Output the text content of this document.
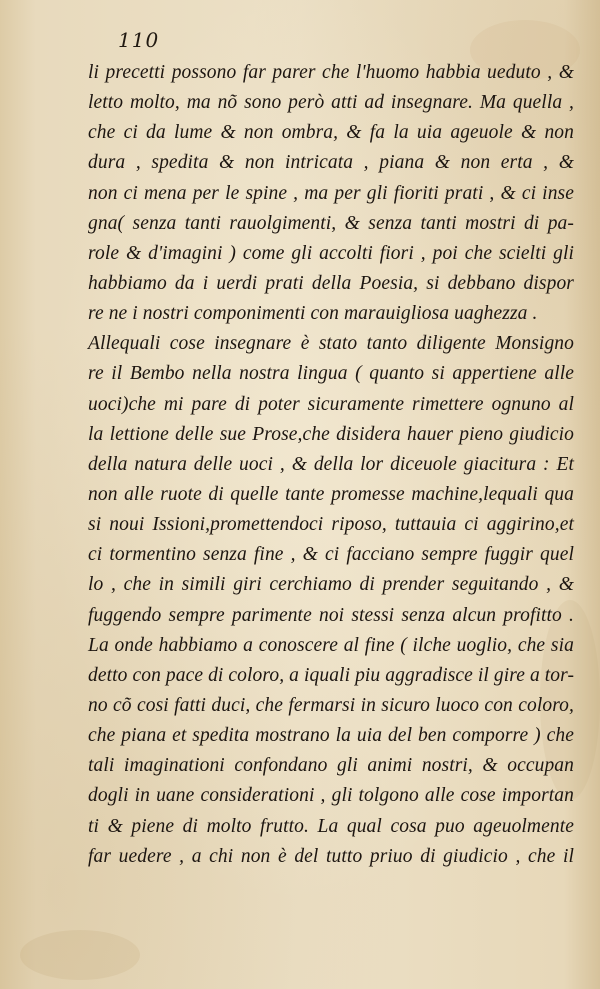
110
li precetti possono far parer che l'huomo habbia ueduto , &
letto molto, ma nõ sono però atti ad insegnare. Ma quella ,
che ci da lume & non ombra, & fa la uia ageuole & non
dura , spedita & non intricata , piana & non erta , &
non ci mena per le spine , ma per gli fioriti prati , & ci inse
gna( senza tanti rauolgimenti, & senza tanti mostri di pa-
role & d'imagini ) come gli accolti fiori , poi che scielti gli
habbiamo da i uerdi prati della Poesia, si debbano dispor
re ne i nostri componimenti con marauigliosa uaghezza .
Allequali cose insegnare è stato tanto diligente Monsigno
re il Bembo nella nostra lingua ( quanto si appertiene alle
uoci)che mi pare di poter sicuramente rimettere ognuno al
la lettione delle sue Prose,che disidera hauer pieno giudicio
della natura delle uoci , & della lor diceuole giacitura : Et
non alle ruote di quelle tante promesse machine,lequali qua
si noui Issioni,promettendoci riposo, tuttauia ci aggirino,et
ci tormentino senza fine , & ci facciano sempre fuggir quel
lo , che in simili giri cerchiamo di prender seguitando , &
fuggendo sempre parimente noi stessi senza alcun profitto .
La onde habbiamo a conoscere al fine ( ilche uoglio, che sia
detto con pace di coloro, a iquali piu aggradisce il gire a tor-
no cõ cosi fatti duci, che fermarsi in sicuro luoco con coloro,
che piana et spedita mostrano la uia del ben comporre ) che
tali imaginationi confondano gli animi nostri, & occupan
dogli in uane considerationi , gli tolgono alle cose importan
ti & piene di molto frutto. La qual cosa puo ageuolmente
far uedere , a chi non è del tutto priuo di giudicio , che il
